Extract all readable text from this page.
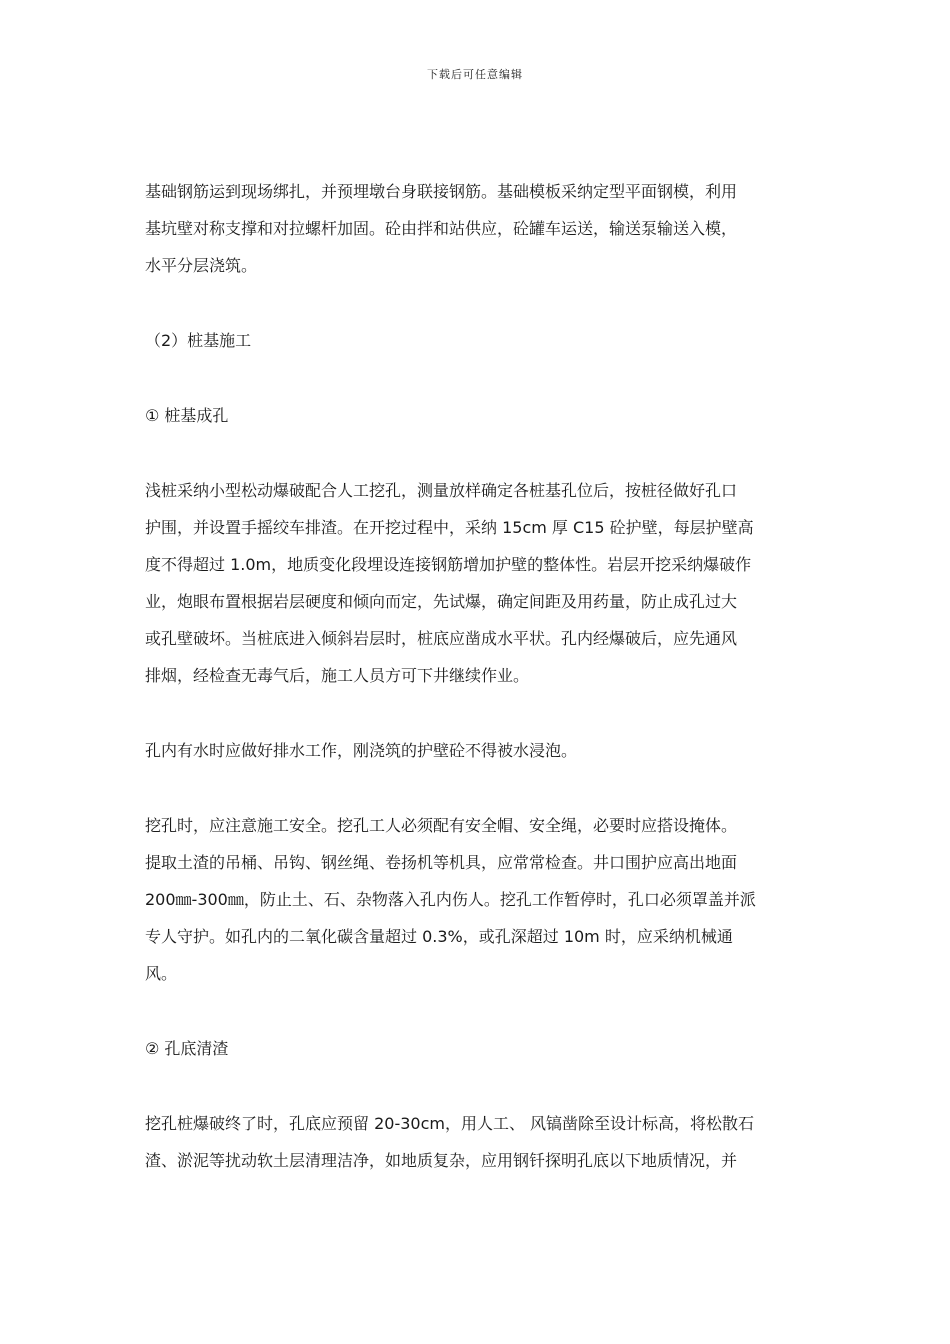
下载后可任意编辑
基础钢筋运到现场绑扎，并预埋墩台身联接钢筋。基础模板采纳定型平面钢模，利用
基坑壁对称支撑和对拉螺杆加固。砼由拌和站供应，砼罐车运送，输送泵输送入模，
水平分层浇筑。
（2）桩基施工
① 桩基成孔
浅桩采纳小型松动爆破配合人工挖孔，测量放样确定各桩基孔位后，按桩径做好孔口
护围，并设置手摇绞车排渣。在开挖过程中，采纳 15cm 厚 C15 砼护壁，每层护壁高
度不得超过 1.0m，地质变化段埋设连接钢筋增加护壁的整体性。岩层开挖采纳爆破作
业，炮眼布置根据岩层硬度和倾向而定，先试爆，确定间距及用药量，防止成孔过大
或孔壁破坏。当桩底进入倾斜岩层时，桩底应凿成水平状。孔内经爆破后，应先通风
排烟，经检查无毒气后，施工人员方可下井继续作业。
孔内有水时应做好排水工作，刚浇筑的护壁砼不得被水浸泡。
挖孔时，应注意施工安全。挖孔工人必须配有安全帽、安全绳，必要时应搭设掩体。
提取土渣的吊桶、吊钩、钢丝绳、卷扬机等机具，应常常检查。井口围护应高出地面
200㎜-300㎜，防止土、石、杂物落入孔内伤人。挖孔工作暂停时，孔口必须罩盖并派
专人守护。如孔内的二氧化碳含量超过 0.3%，或孔深超过 10m 时，应采纳机械通
风。
② 孔底清渣
挖孔桩爆破终了时，孔底应预留 20-30cm，用人工、 风镐凿除至设计标高，将松散石
渣、淤泥等扰动软土层清理洁净，如地质复杂，应用钢钎探明孔底以下地质情况，并
